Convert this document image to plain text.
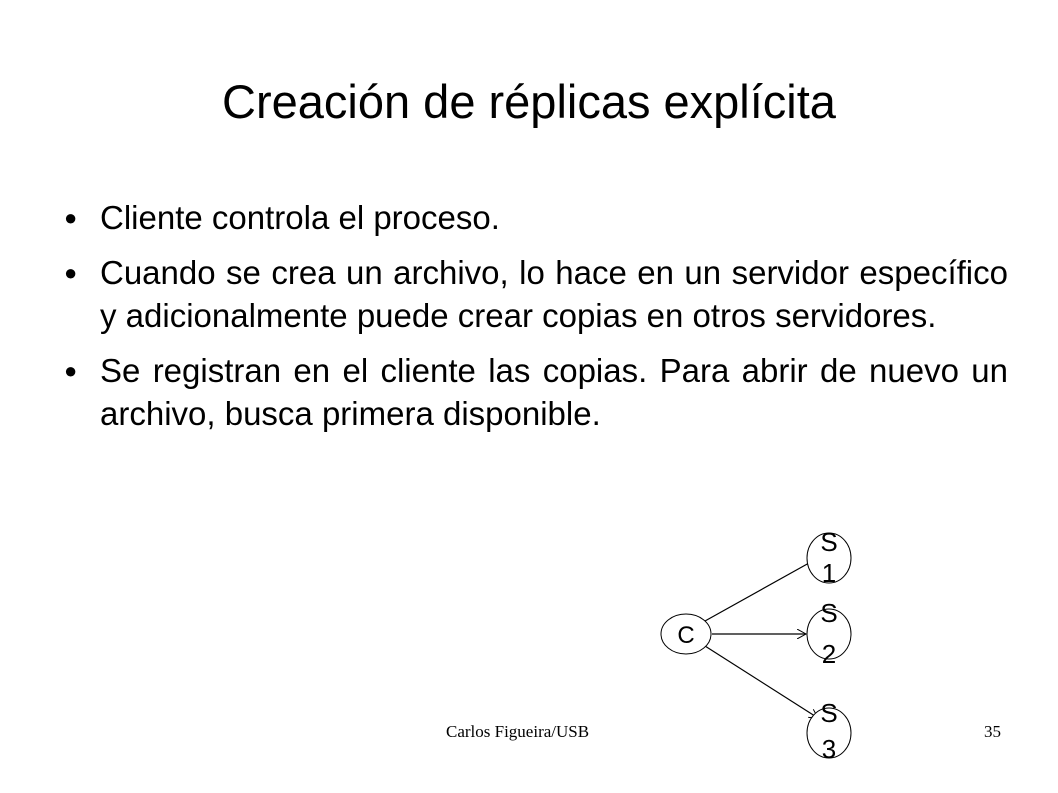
Creación de réplicas explícita
● Cliente controla el proceso.
● Cuando se crea un archivo, lo hace en un servidor específico y adicionalmente puede crear copias en otros servidores.
● Se registran en el cliente las copias. Para abrir de nuevo un archivo, busca primera disponible.
C
S
1
S
2
S
3
Carlos Figueira/USB	35
